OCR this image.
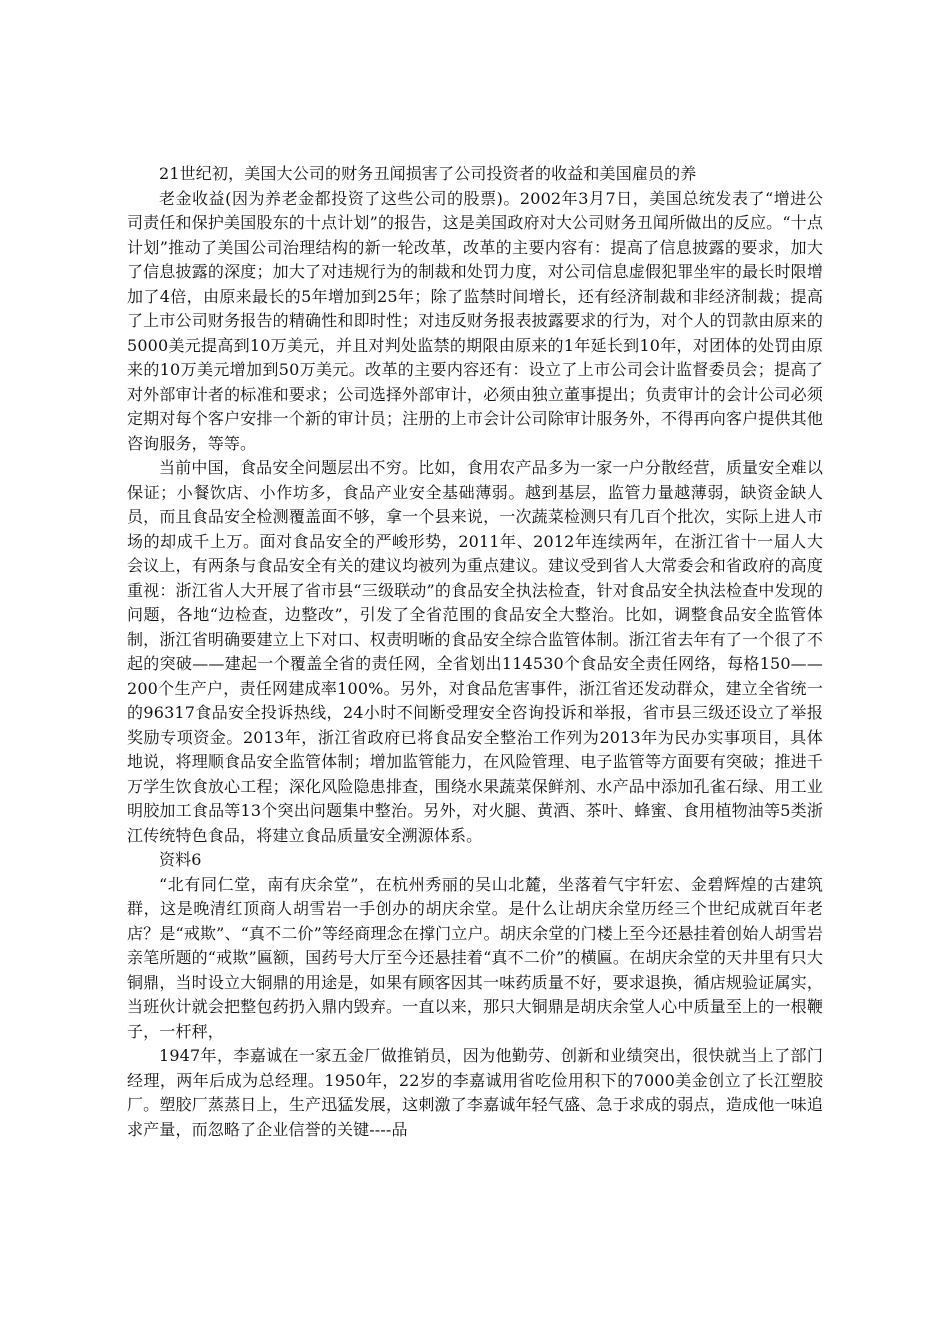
21世纪初，美国大公司的财务丑闻损害了公司投资者的收益和美国雇员的养

老金收益(因为养老金都投资了这些公司的股票)。2002年3月7日，美国总统发表了“增进公司责任和保护美国股东的十点计划”的报告，这是美国政府对大公司财务丑闻所做出的反应。“十点计划”推动了美国公司治理结构的新一轮改革，改革的主要内容有：提高了信息披露的要求，加大了信息披露的深度；加大了对违规行为的制裁和处罚力度，对公司信息虚假犯罪坐牢的最长时限增加了4倍，由原来最长的5年增加到25年；除了监禁时间增长，还有经济制裁和非经济制裁；提高了上市公司财务报告的精确性和即时性；对违反财务报表披露要求的行为，对个人的罚款由原来的5000美元提高到10万美元，并且对判处监禁的期限由原来的1年延长到10年，对团体的处罚由原来的10万美元增加到50万美元。改革的主要内容还有：设立了上市公司会计监督委员会；提高了对外部审计者的标准和要求；公司选择外部审计，必须由独立董事提出；负责审计的会计公司必须定期对每个客户安排一个新的审计员；注册的上市会计公司除审计服务外，不得再向客户提供其他咨询服务，等等。

当前中国，食品安全问题层出不穷。比如，食用农产品多为一家一户分散经营，质量安全难以保证；小餐饮店、小作坊多，食品产业安全基础薄弱。越到基层，监管力量越薄弱，缺资金缺人员，而且食品安全检测覆盖面不够，拿一个县来说，一次蔬菜检测只有几百个批次，实际上进人市场的却成千上万。面对食品安全的严峻形势，2011年、2012年连续两年，在浙江省十一届人大会议上，有两条与食品安全有关的建议均被列为重点建议。建议受到省人大常委会和省政府的高度重视：浙江省人大开展了省市县“三级联动”的食品安全执法检查，针对食品安全执法检查中发现的问题，各地“边检查，边整改”，引发了全省范围的食品安全大整治。比如，调整食品安全监管体制，浙江省明确要建立上下对口、权责明晰的食品安全综合监管体制。浙江省去年有了一个很了不起的突破——建起一个覆盖全省的责任网，全省划出114530个食品安全责任网络，每格150——200个生产户，责任网建成率100%。另外，对食品危害事件，浙江省还发动群众，建立全省统一的96317食品安全投诉热线，24小时不间断受理安全咨询投诉和举报，省市县三级还设立了举报奖励专项资金。2013年，浙江省政府已将食品安全整治工作列为2013年为民办实事项目，具体地说，将理顺食品安全监管体制；增加监管能力，在风险管理、电子监管等方面要有突破；推进千万学生饮食放心工程；深化风险隐患排查，围绕水果蔬菜保鲜剂、水产品中添加孔雀石绿、用工业明胶加工食品等13个突出问题集中整治。另外，对火腿、黄酒、茶叶、蜂蜜、食用植物油等5类浙江传统特色食品，将建立食品质量安全溯源体系。

资料6

“北有同仁堂，南有庆余堂”，在杭州秀丽的吴山北麓，坐落着气宇轩宏、金碧辉煌的古建筑群，这是晚清红顶商人胡雪岩一手创办的胡庆余堂。是什么让胡庆余堂历经三个世纪成就百年老店？是“戒欺”、“真不二价”等经商理念在撑门立户。胡庆余堂的门楼上至今还悬挂着创始人胡雪岩亲笔所题的“戒欺”匾额，国药号大厅至今还悬挂着“真不二价”的横匾。在胡庆余堂的天井里有只大铜鼎，当时设立大铜鼎的用途是，如果有顾客因其一味药质量不好，要求退换，循店规验证属实，当班伙计就会把整包药扔入鼎内毁弃。一直以来，那只大铜鼎是胡庆余堂人心中质量至上的一根鞭子，一杆秤，

1947年，李嘉诚在一家五金厂做推销员，因为他勤劳、创新和业绩突出，很快就当上了部门经理，两年后成为总经理。1950年，22岁的李嘉诚用省吃俭用积下的7000美金创立了长江塑胶厂。塑胶厂蒸蒸日上，生产迅猛发展，这刺激了李嘉诚年轻气盛、急于求成的弱点，造成他一味追求产量，而忽略了企业信誉的关键----品
